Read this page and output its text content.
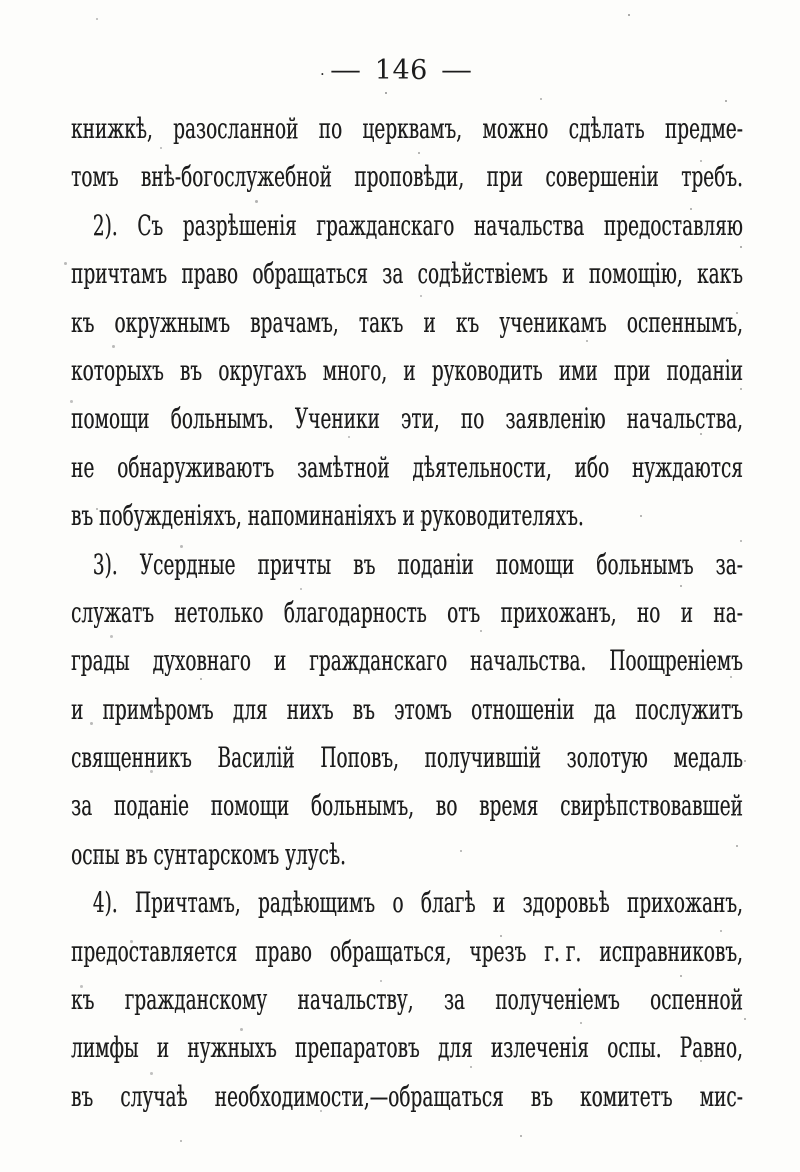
· — 146 —
книжкѣ, разосланной по церквамъ, можно сдѣлать предме-
томъ внѣ-богослужебной проповѣди, при совершеніи требъ.
2). Съ разрѣшенія гражданскаго начальства предоставляю
причтамъ право обращаться за содѣйствіемъ и помощію, какъ
къ окружнымъ врачамъ, такъ и къ ученикамъ оспеннымъ,
которыхъ въ округахъ много, и руководить ими при поданіи
помощи больнымъ. Ученики эти, по заявленію начальства,
не обнаруживаютъ замѣтной дѣятельности, ибо нуждаются
въ побужденіяхъ, напоминаніяхъ и руководителяхъ.
3). Усердные причты въ поданіи помощи больнымъ за-
служатъ нетолько благодарность отъ прихожанъ, но и на-
грады духовнаго и гражданскаго начальства. Поощреніемъ
и примѣромъ для нихъ въ этомъ отношеніи да послужитъ
священникъ Василій Поповъ, получившій золотую медаль
за поданіе помощи больнымъ, во время свирѣпствовавшей
оспы въ сунтарскомъ улусѣ.
4). Причтамъ, радѣющимъ о благѣ и здоровьѣ прихожанъ,
предоставляется право обращаться, чрезъ г. г. исправниковъ,
къ гражданскому начальству, за полученіемъ оспенной
лимфы и нужныхъ препаратовъ для излеченія оспы. Равно,
въ случаѣ необходимости,—обращаться въ комитетъ мис-
